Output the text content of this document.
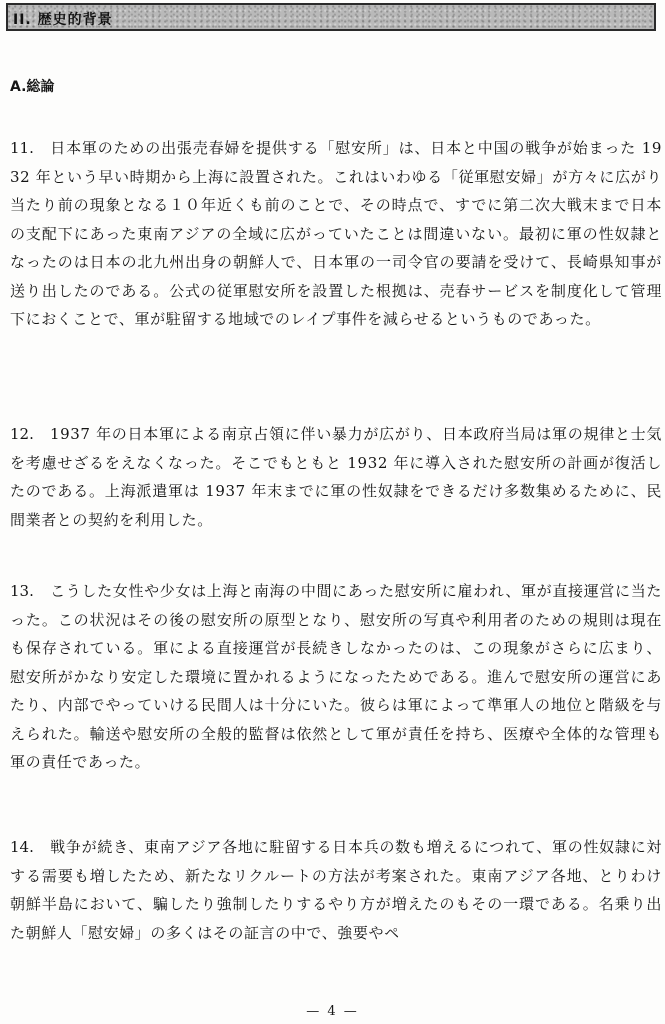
II. 歴史的背景
A.総論

11. 日本軍のための出張売春婦を提供する「慰安所」は、日本と中国の戦争が始まった 1932 年という早い時期から上海に設置された。これはいわゆる「従軍慰安婦」が方々に広がり当たり前の現象となる１０年近くも前のことで、その時点で、すでに第二次大戦末まで日本の支配下にあった東南アジアの全域に広がっていたことは間違いない。最初に軍の性奴隷となったのは日本の北九州出身の朝鮮人で、日本軍の一司令官の要請を受けて、長崎県知事が送り出したのである。公式の従軍慰安所を設置した根拠は、売春サービスを制度化して管理下におくことで、軍が駐留する地域でのレイプ事件を減らせるというものであった。

12. 1937 年の日本軍による南京占領に伴い暴力が広がり、日本政府当局は軍の規律と士気を考慮せざるをえなくなった。そこでもともと 1932 年に導入された慰安所の計画が復活したのである。上海派遣軍は 1937 年末までに軍の性奴隷をできるだけ多数集めるために、民間業者との契約を利用した。

13. こうした女性や少女は上海と南海の中間にあった慰安所に雇われ、軍が直接運営に当たった。この状況はその後の慰安所の原型となり、慰安所の写真や利用者のための規則は現在も保存されている。軍による直接運営が長続きしなかったのは、この現象がさらに広まり、慰安所がかなり安定した環境に置かれるようになったためである。進んで慰安所の運営にあたり、内部でやっていける民間人は十分にいた。彼らは軍によって準軍人の地位と階級を与えられた。輸送や慰安所の全般的監督は依然として軍が責任を持ち、医療や全体的な管理も軍の責任であった。

14. 戦争が続き、東南アジア各地に駐留する日本兵の数も増えるにつれて、軍の性奴隷に対する需要も増したため、新たなリクルートの方法が考案された。東南アジア各地、とりわけ朝鮮半島において、騙したり強制したりするやり方が増えたのもその一環である。名乗り出た朝鮮人「慰安婦」の多くはその証言の中で、強要やペ

— 4 —
